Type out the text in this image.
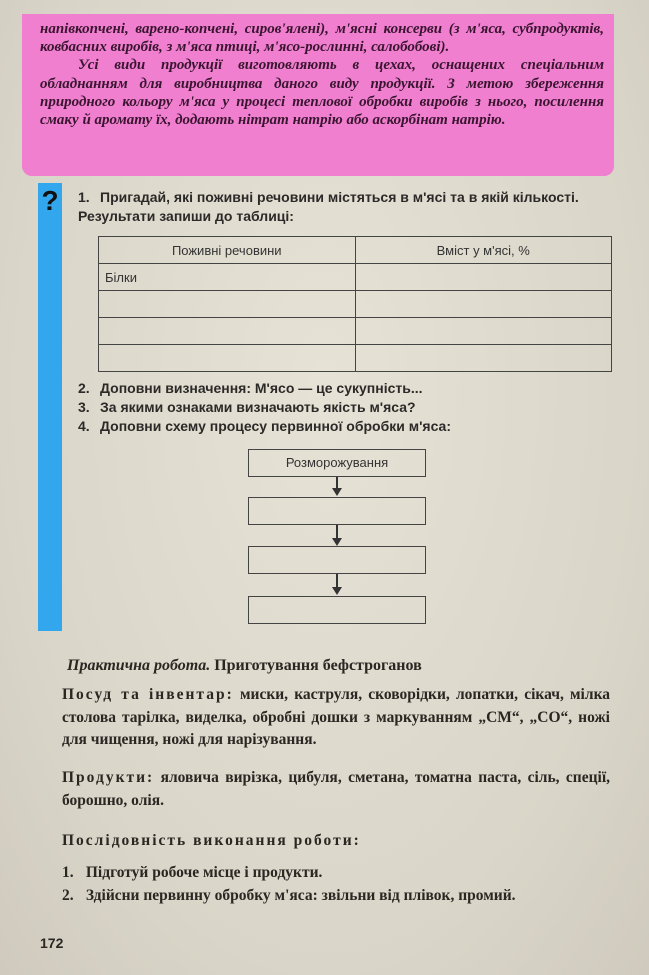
напівкопчені, варено-копчені, сиров'ялені), м'ясні консерви (з м'яса, субпродуктів, ковбасних виробів, з м'яса птиці, м'ясо-рослинні, салобобові).

Усі види продукції виготовляють в цехах, оснащених спеціальним обладнанням для виробництва даного виду продукції. З метою збереження природного кольору м'яса у процесі теплової обробки виробів з нього, посилення смаку й аромату їх, додають нітрат натрію або аскорбінат натрію.

? 1. Пригадай, які поживні речовини містяться в м'ясі та в якій кількості. Результати запиши до таблиці:
Поживні речовини	Вміст у м'ясі, %
Білки	

2. Доповни визначення: М'ясо — це сукупність...
3. За якими ознаками визначають якість м'яса?
4. Доповни схему процесу первинної обробки м'яса:
Розморожування
Практична робота. Приготування бефстроганов

Посуд та інвентар: миски, каструля, сковорідки, лопатки, сікач, мілка столова тарілка, виделка, обробні дошки з маркуванням „СМ“, „СО“, ножі для чищення, ножі для нарізування.

Продукти: яловича вирізка, цибуля, сметана, томатна паста, сіль, спеції, борошно, олія.

Послідовність виконання роботи:

1. Підготуй робоче місце і продукти.
2. Здійсни первинну обробку м'яса: звільни від плівок, промий.
172
